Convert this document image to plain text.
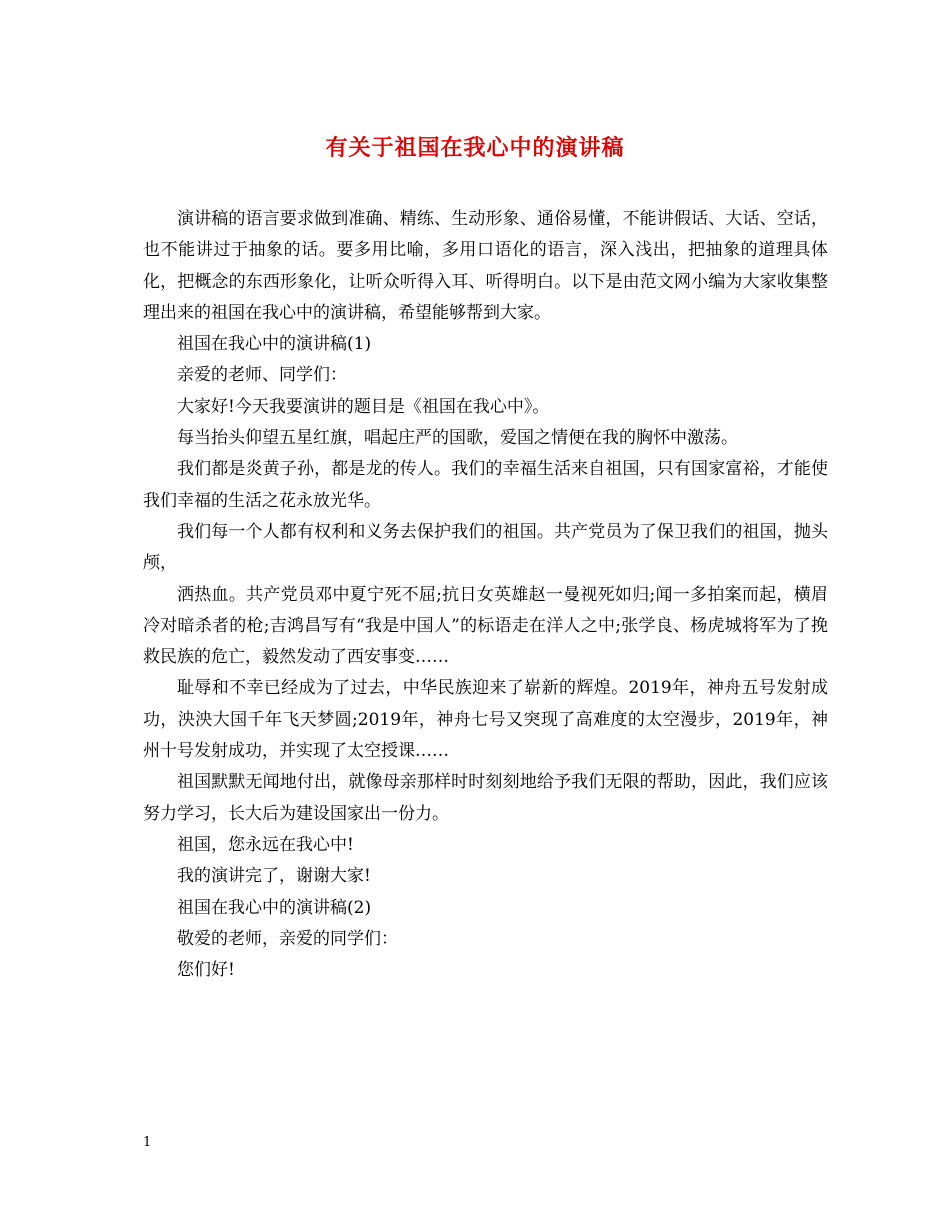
有关于祖国在我心中的演讲稿

演讲稿的语言要求做到准确、精练、生动形象、通俗易懂，不能讲假话、大话、空话，也不能讲过于抽象的话。要多用比喻，多用口语化的语言，深入浅出，把抽象的道理具体化，把概念的东西形象化，让听众听得入耳、听得明白。以下是由范文网小编为大家收集整理出来的祖国在我心中的演讲稿，希望能够帮到大家。

祖国在我心中的演讲稿(1)

亲爱的老师、同学们：

大家好!今天我要演讲的题目是《祖国在我心中》。

每当抬头仰望五星红旗，唱起庄严的国歌，爱国之情便在我的胸怀中激荡。

我们都是炎黄子孙，都是龙的传人。我们的幸福生活来自祖国，只有国家富裕，才能使我们幸福的生活之花永放光华。

我们每一个人都有权利和义务去保护我们的祖国。共产党员为了保卫我们的祖国，抛头颅，

洒热血。共产党员邓中夏宁死不屈;抗日女英雄赵一曼视死如归;闻一多拍案而起，横眉冷对暗杀者的枪;吉鸿昌写有“我是中国人”的标语走在洋人之中;张学良、杨虎城将军为了挽救民族的危亡，毅然发动了西安事变……

耻辱和不幸已经成为了过去，中华民族迎来了崭新的辉煌。2019年，神舟五号发射成功，泱泱大国千年飞天梦圆;2019年，神舟七号又突现了高难度的太空漫步，2019年，神州十号发射成功，并实现了太空授课……

祖国默默无闻地付出，就像母亲那样时时刻刻地给予我们无限的帮助，因此，我们应该努力学习，长大后为建设国家出一份力。

祖国，您永远在我心中!

我的演讲完了，谢谢大家!

祖国在我心中的演讲稿(2)

敬爱的老师，亲爱的同学们：

您们好!

1
